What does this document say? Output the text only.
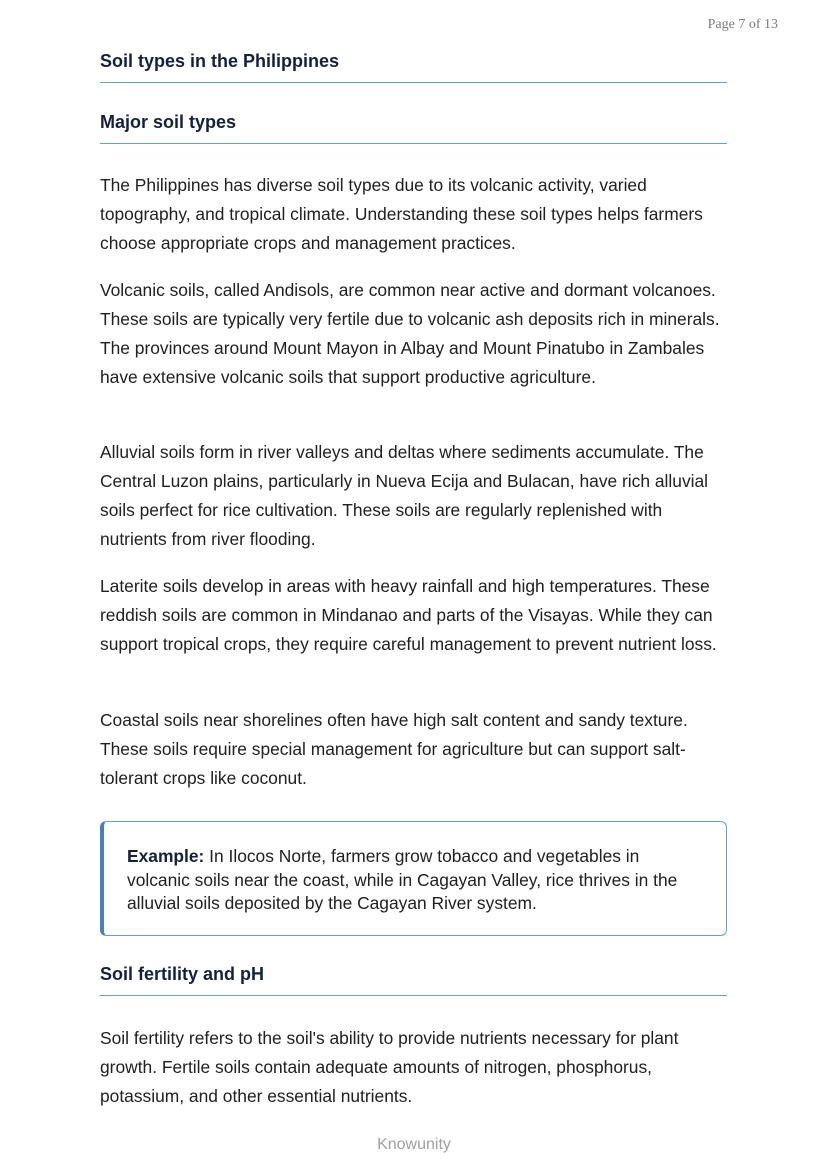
Page 7 of 13
Soil types in the Philippines
Major soil types

The Philippines has diverse soil types due to its volcanic activity, varied topography, and tropical climate. Understanding these soil types helps farmers choose appropriate crops and management practices.

Volcanic soils, called Andisols, are common near active and dormant volcanoes. These soils are typically very fertile due to volcanic ash deposits rich in minerals. The provinces around Mount Mayon in Albay and Mount Pinatubo in Zambales have extensive volcanic soils that support productive agriculture.

Alluvial soils form in river valleys and deltas where sediments accumulate. The Central Luzon plains, particularly in Nueva Ecija and Bulacan, have rich alluvial soils perfect for rice cultivation. These soils are regularly replenished with nutrients from river flooding.

Laterite soils develop in areas with heavy rainfall and high temperatures. These reddish soils are common in Mindanao and parts of the Visayas. While they can support tropical crops, they require careful management to prevent nutrient loss.

Coastal soils near shorelines often have high salt content and sandy texture. These soils require special management for agriculture but can support salt-tolerant crops like coconut.

Example: In Ilocos Norte, farmers grow tobacco and vegetables in volcanic soils near the coast, while in Cagayan Valley, rice thrives in the alluvial soils deposited by the Cagayan River system.
Soil fertility and pH

Soil fertility refers to the soil's ability to provide nutrients necessary for plant growth. Fertile soils contain adequate amounts of nitrogen, phosphorus, potassium, and other essential nutrients.

Knowunity
